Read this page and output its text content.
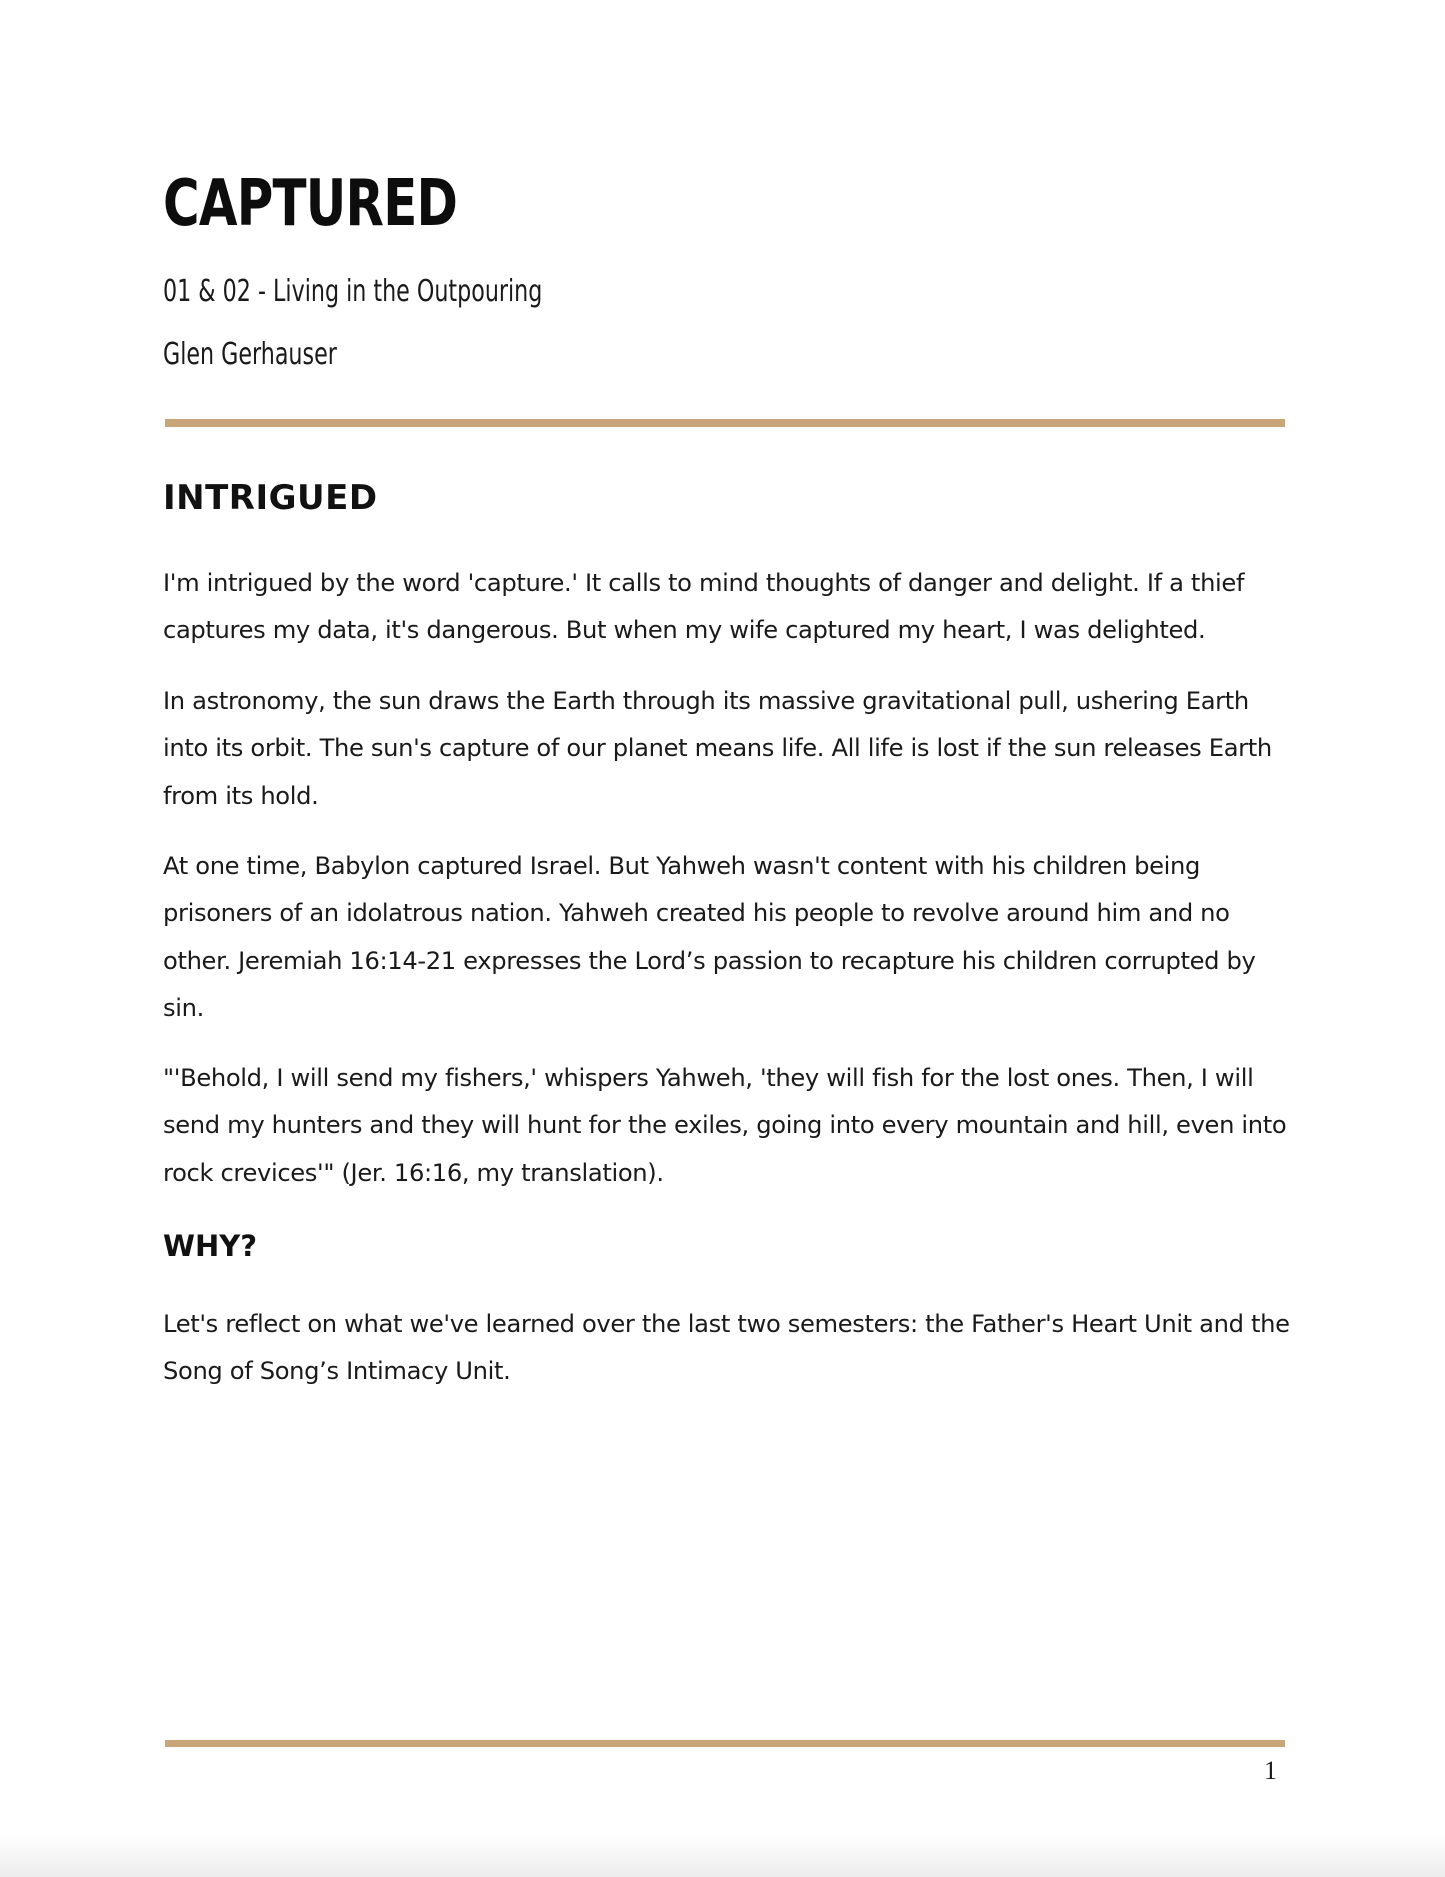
CAPTURED
01 & 02 - Living in the Outpouring
Glen Gerhauser
INTRIGUED

I'm intrigued by the word 'capture.' It calls to mind thoughts of danger and delight. If a thief captures my data, it's dangerous. But when my wife captured my heart, I was delighted.

In astronomy, the sun draws the Earth through its massive gravitational pull, ushering Earth into its orbit. The sun's capture of our planet means life. All life is lost if the sun releases Earth from its hold.

At one time, Babylon captured Israel. But Yahweh wasn't content with his children being prisoners of an idolatrous nation. Yahweh created his people to revolve around him and no other. Jeremiah 16:14-21 expresses the Lord’s passion to recapture his children corrupted by sin.

"'Behold, I will send my fishers,' whispers Yahweh, 'they will fish for the lost ones. Then, I will send my hunters and they will hunt for the exiles, going into every mountain and hill, even into rock crevices'" (Jer. 16:16, my translation).

WHY?

Let's reflect on what we've learned over the last two semesters: the Father's Heart Unit and the Song of Song’s Intimacy Unit.

1
